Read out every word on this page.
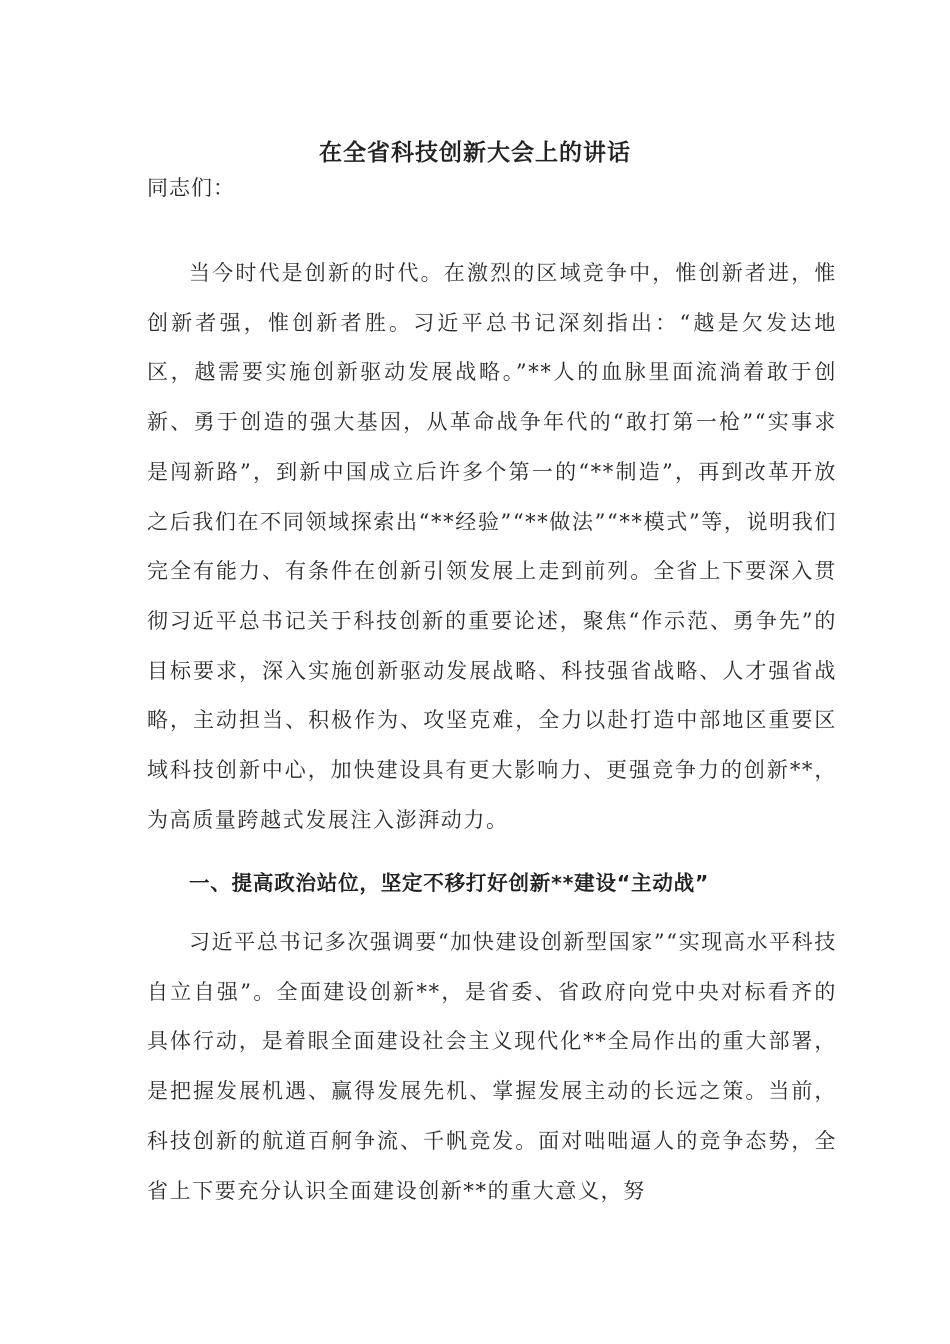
在全省科技创新大会上的讲话
同志们：
当今时代是创新的时代。在激烈的区域竞争中，惟创新者进，惟创新者强，惟创新者胜。习近平总书记深刻指出：“越是欠发达地区，越需要实施创新驱动发展战略。”**人的血脉里面流淌着敢于创新、勇于创造的强大基因，从革命战争年代的“敢打第一枪”“实事求是闯新路”，到新中国成立后许多个第一的“**制造”，再到改革开放之后我们在不同领域探索出“**经验”“**做法”“**模式”等，说明我们完全有能力、有条件在创新引领发展上走到前列。全省上下要深入贯彻习近平总书记关于科技创新的重要论述，聚焦“作示范、勇争先”的目标要求，深入实施创新驱动发展战略、科技强省战略、人才强省战略，主动担当、积极作为、攻坚克难，全力以赴打造中部地区重要区域科技创新中心，加快建设具有更大影响力、更强竞争力的创新**，为高质量跨越式发展注入澎湃动力。
一、提高政治站位，坚定不移打好创新**建设“主动战”
习近平总书记多次强调要“加快建设创新型国家”“实现高水平科技自立自强”。全面建设创新**，是省委、省政府向党中央对标看齐的具体行动，是着眼全面建设社会主义现代化**全局作出的重大部署，是把握发展机遇、赢得发展先机、掌握发展主动的长远之策。当前，科技创新的航道百舸争流、千帆竞发。面对咄咄逼人的竞争态势，全省上下要充分认识全面建设创新**的重大意义，努
